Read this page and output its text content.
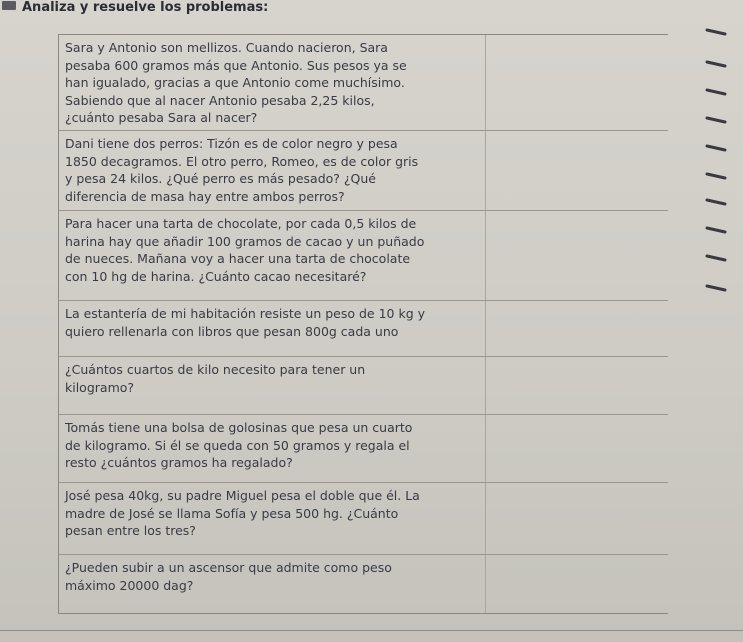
Analiza y resuelve los problemas:
Sara y Antonio son mellizos. Cuando nacieron, Sara
pesaba 600 gramos más que Antonio. Sus pesos ya se
han igualado, gracias a que Antonio come muchísimo.
Sabiendo que al nacer Antonio pesaba 2,25 kilos,
¿cuánto pesaba Sara al nacer?
Dani tiene dos perros: Tizón es de color negro y pesa
1850 decagramos. El otro perro, Romeo, es de color gris
y pesa 24 kilos. ¿Qué perro es más pesado? ¿Qué
diferencia de masa hay entre ambos perros?
Para hacer una tarta de chocolate, por cada 0,5 kilos de
harina hay que añadir 100 gramos de cacao y un puñado
de nueces. Mañana voy a hacer una tarta de chocolate
con 10 hg de harina. ¿Cuánto cacao necesitaré?
La estantería de mi habitación resiste un peso de 10 kg y
quiero rellenarla con libros que pesan 800g cada uno
¿Cuántos cuartos de kilo necesito para tener un
kilogramo?
Tomás tiene una bolsa de golosinas que pesa un cuarto
de kilogramo. Si él se queda con 50 gramos y regala el
resto ¿cuántos gramos ha regalado?
José pesa 40kg, su padre Miguel pesa el doble que él. La
madre de José se llama Sofía y pesa 500 hg. ¿Cuánto
pesan entre los tres?
¿Pueden subir a un ascensor que admite como peso
máximo 20000 dag?
